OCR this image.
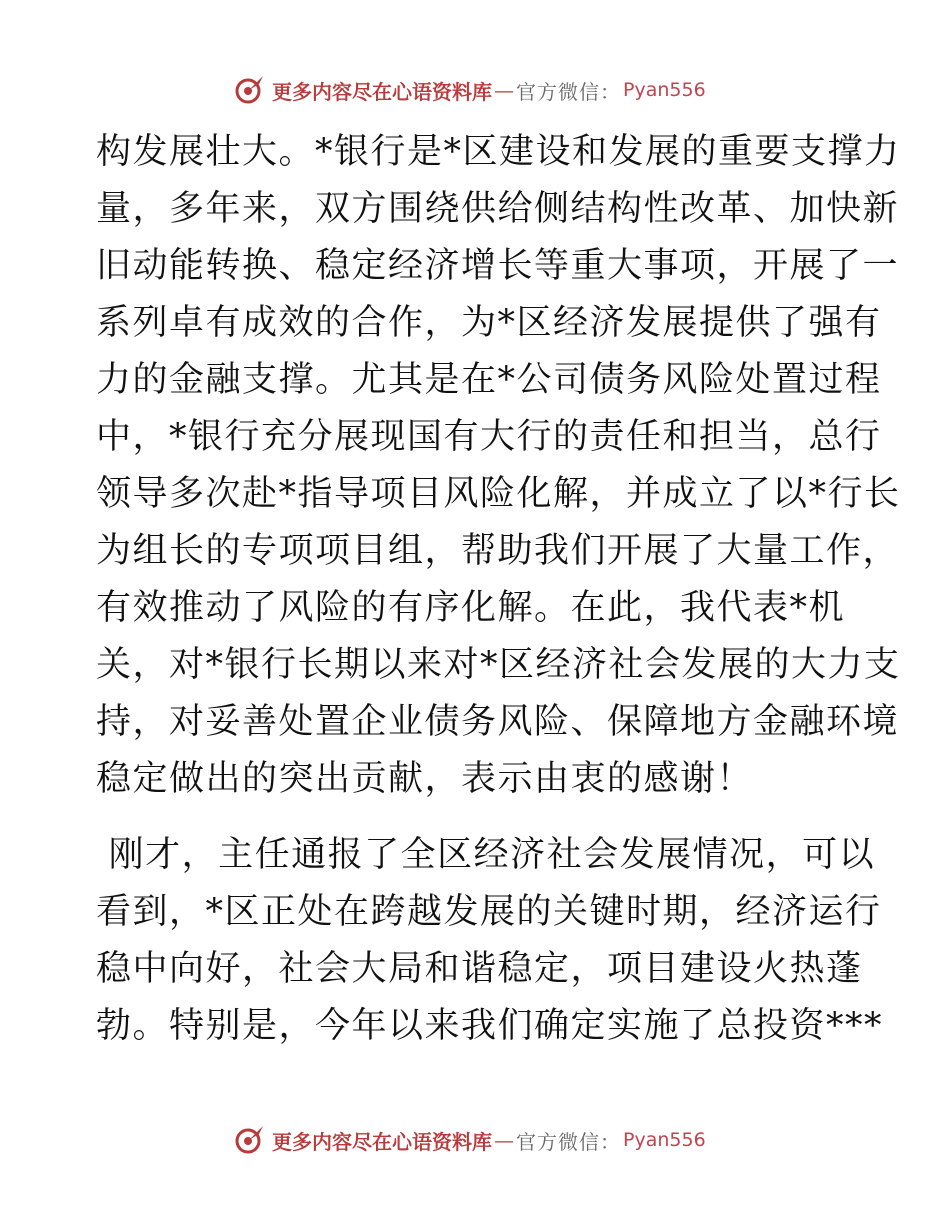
更多内容尽在心语资料库 — 官方微信： Pyan556
构发展壮大。*银行是*区建设和发展的重要支撑力
量，多年来，双方围绕供给侧结构性改革、加快新
旧动能转换、稳定经济增长等重大事项，开展了一
系列卓有成效的合作，为*区经济发展提供了强有
力的金融支撑。尤其是在*公司债务风险处置过程
中，*银行充分展现国有大行的责任和担当，总行
领导多次赴*指导项目风险化解，并成立了以*行长
为组长的专项项目组，帮助我们开展了大量工作，
有效推动了风险的有序化解。在此，我代表*机
关，对*银行长期以来对*区经济社会发展的大力支
持，对妥善处置企业债务风险、保障地方金融环境
稳定做出的突出贡献，表示由衷的感谢！
刚才，主任通报了全区经济社会发展情况，可以
看到，*区正处在跨越发展的关键时期，经济运行
稳中向好，社会大局和谐稳定，项目建设火热蓬
勃。特别是，今年以来我们确定实施了总投资***
更多内容尽在心语资料库 — 官方微信： Pyan556
